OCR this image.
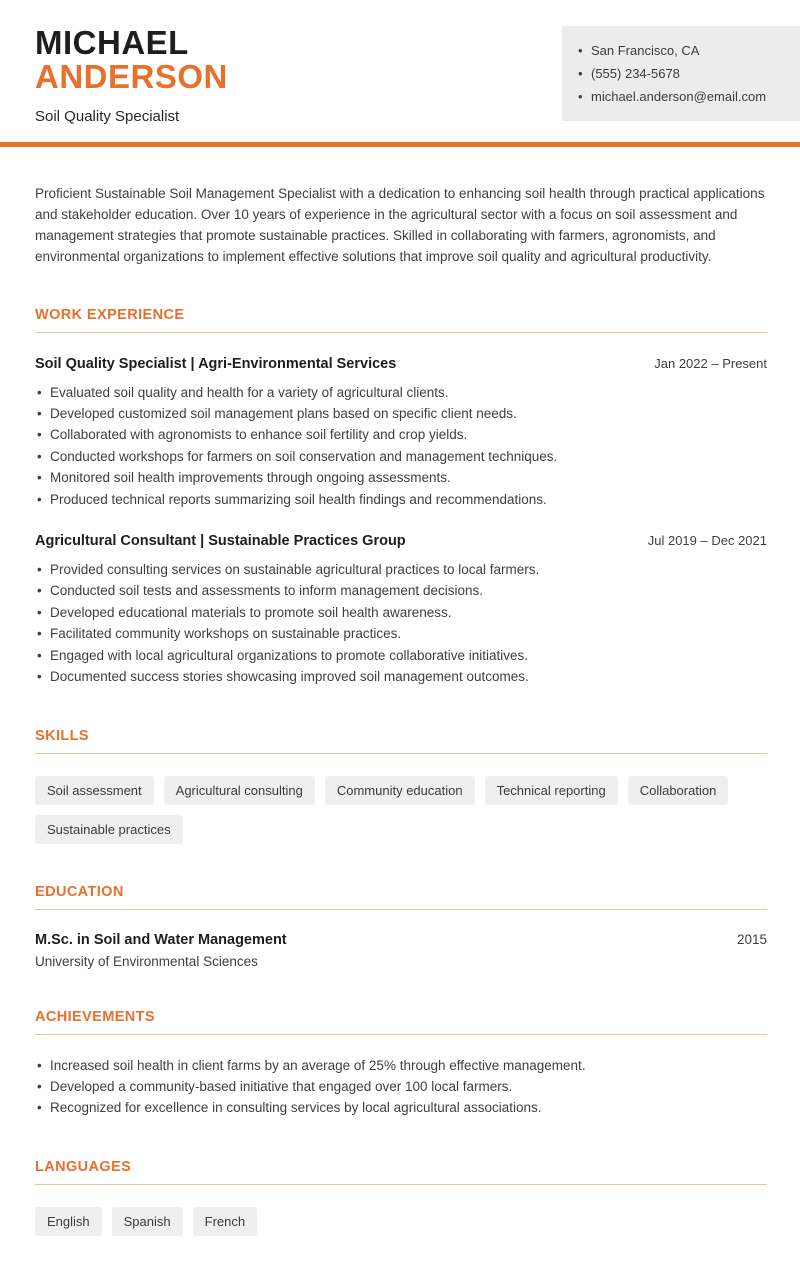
MICHAEL
ANDERSON
Soil Quality Specialist
• San Francisco, CA
• (555) 234-5678
• michael.anderson@email.com

Proficient Sustainable Soil Management Specialist with a dedication to enhancing soil health through practical applications and stakeholder education. Over 10 years of experience in the agricultural sector with a focus on soil assessment and management strategies that promote sustainable practices. Skilled in collaborating with farmers, agronomists, and environmental organizations to implement effective solutions that improve soil quality and agricultural productivity.

WORK EXPERIENCE
Soil Quality Specialist | Agri-Environmental Services	Jan 2022 – Present
• Evaluated soil quality and health for a variety of agricultural clients.
• Developed customized soil management plans based on specific client needs.
• Collaborated with agronomists to enhance soil fertility and crop yields.
• Conducted workshops for farmers on soil conservation and management techniques.
• Monitored soil health improvements through ongoing assessments.
• Produced technical reports summarizing soil health findings and recommendations.
Agricultural Consultant | Sustainable Practices Group	Jul 2019 – Dec 2021
• Provided consulting services on sustainable agricultural practices to local farmers.
• Conducted soil tests and assessments to inform management decisions.
• Developed educational materials to promote soil health awareness.
• Facilitated community workshops on sustainable practices.
• Engaged with local agricultural organizations to promote collaborative initiatives.
• Documented success stories showcasing improved soil management outcomes.
SKILLS
Soil assessment	Agricultural consulting	Community education	Technical reporting	Collaboration
Sustainable practices
EDUCATION
M.Sc. in Soil and Water Management	2015
University of Environmental Sciences
ACHIEVEMENTS
• Increased soil health in client farms by an average of 25% through effective management.
• Developed a community-based initiative that engaged over 100 local farmers.
• Recognized for excellence in consulting services by local agricultural associations.
LANGUAGES
English	Spanish	French
